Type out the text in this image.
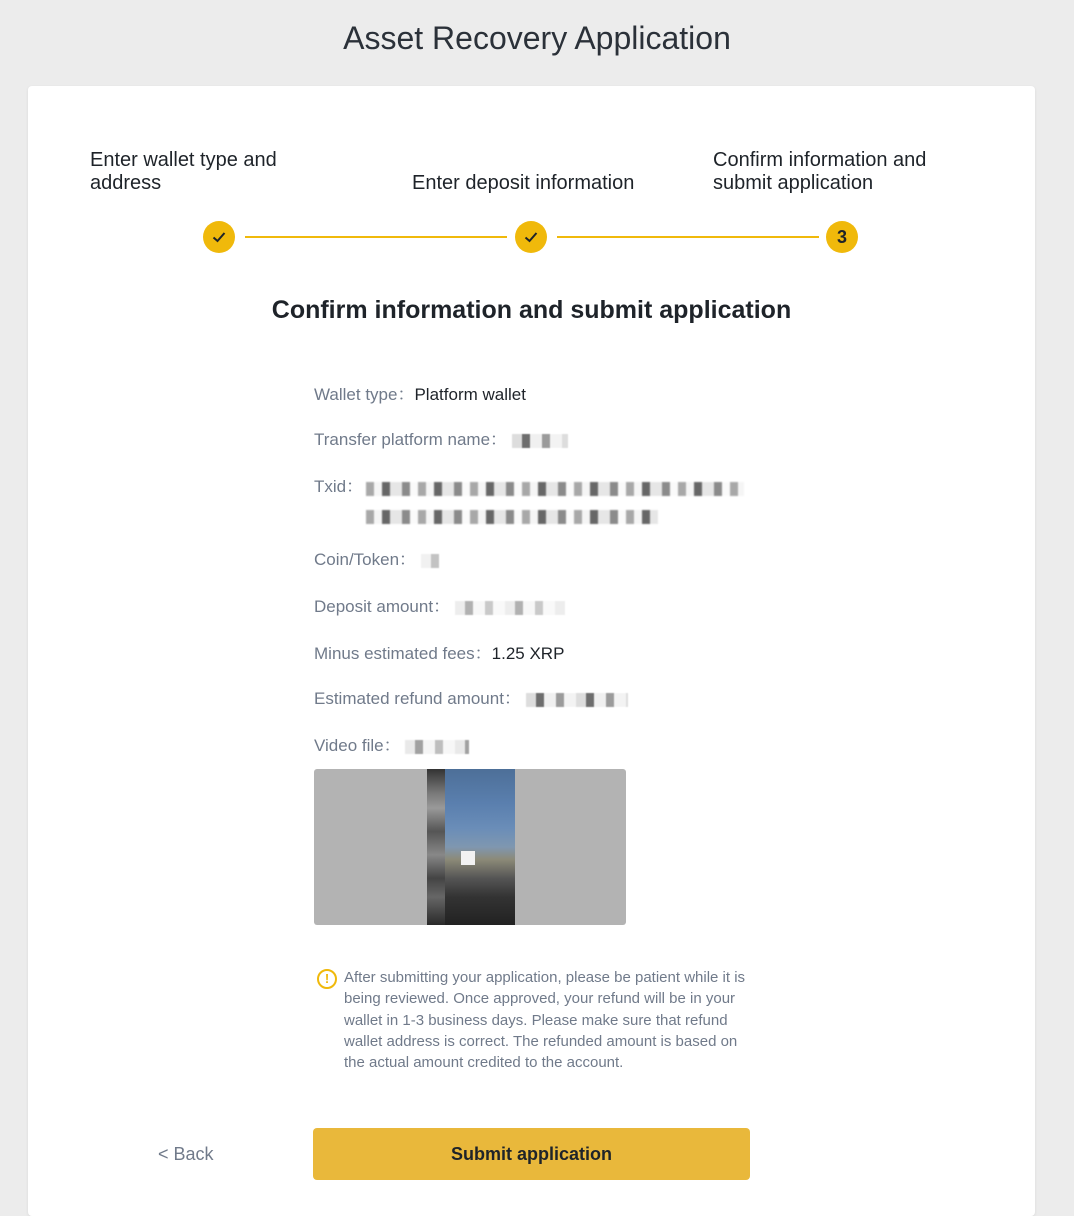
Asset Recovery Application
Enter wallet type and address	Enter deposit information
Confirm information and submit application
3
Confirm information and submit application
Wallet type：Platform wallet
Transfer platform name：
Txid：
Coin/Token：
Deposit amount：
Minus estimated fees：1.25 XRP
Estimated refund amount：
Video file：
! After submitting your application, please be patient while it is being reviewed. Once approved, your refund will be in your wallet in 1-3 business days. Please make sure that refund wallet address is correct. The refunded amount is based on the actual amount credited to the account.
< Back	Submit application
